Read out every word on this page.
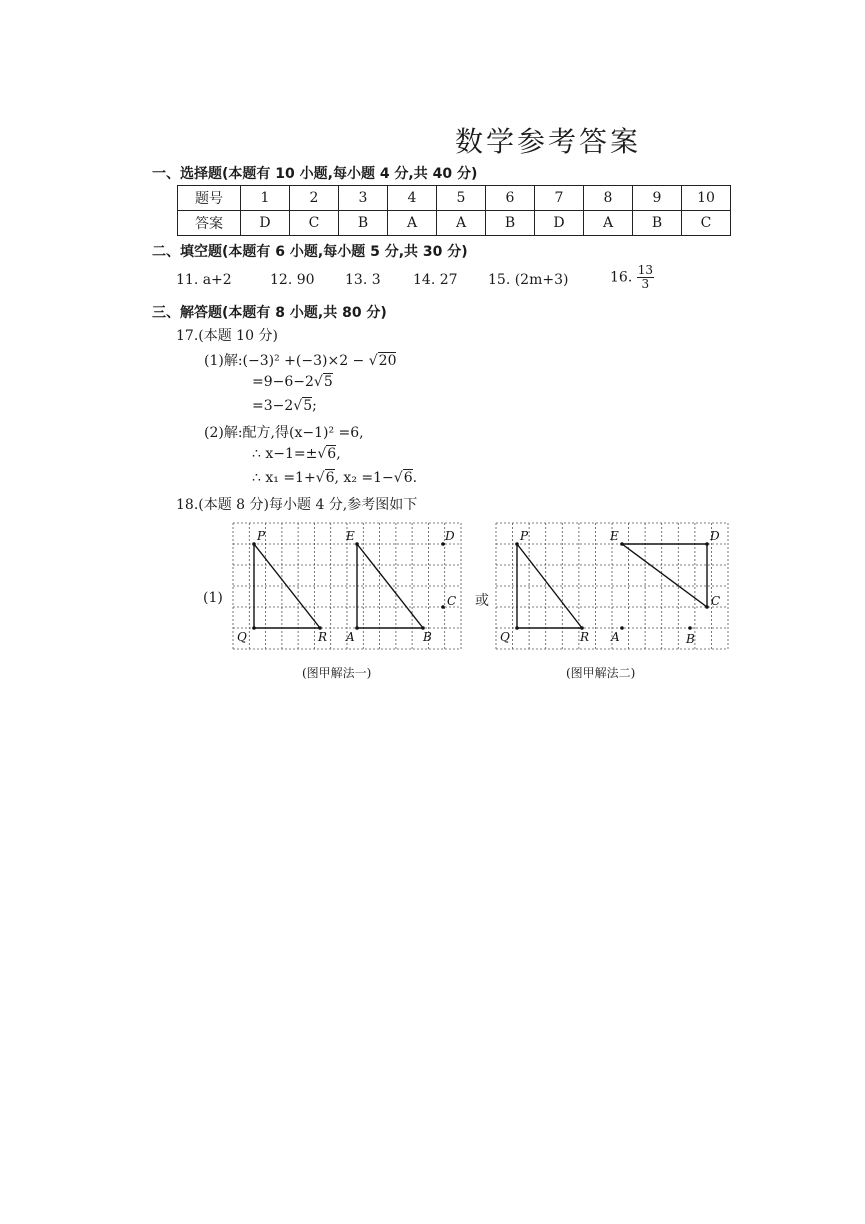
数学参考答案
一、选择题(本题有 10 小题,每小题 4 分,共 40 分)
题号	1	2	3	4	5	6	7	8	9	10
答案	D	C	B	A	A	B	D	A	B	C
二、填空题(本题有 6 小题,每小题 5 分,共 30 分)
11. a+2	12. 90 13. 3 14. 27 15. (2m+3)	16. $\frac{13}{3}$
三、解答题(本题有 8 小题,共 80 分)
17.(本题 10 分)
(1)解:(−3)² +(−3)×2 − √ 20
=9−6−2 √ 5
=3−2 √ 5;
(2)解:配方,得(x−1)² =6,
∴ x−1=± √ 6,
∴ x₁ =1+ √ 6, x₂ =1− √ 6.
18.(本题 8 分)每小题 4 分,参考图如下
(1)	或
P
Q	R
E
A	B
D
C
P
Q	R
E	D
C
A	B
(图甲解法一)	(图甲解法二)
